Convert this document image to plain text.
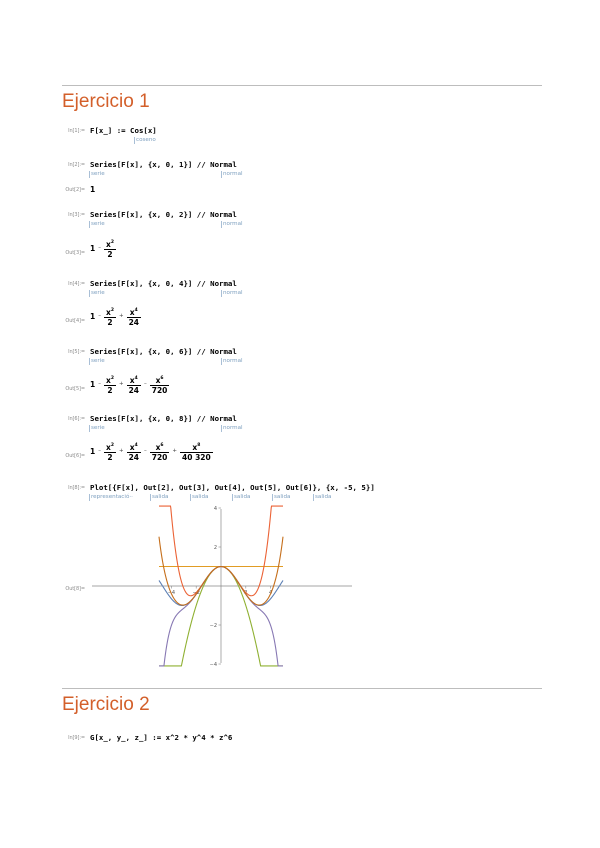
Ejercicio 1
In[1]:= F[x_] := Cos[x]
coseno
In[2]:= Series[F[x], {x, 0, 1}] // Normal
serie	normal
Out[2]= 1
In[3]:= Series[F[x], {x, 0, 2}] // Normal
serie	normal
Out[3]=
$1 - \frac{x^2}{2}$
In[4]:= Series[F[x], {x, 0, 4}] // Normal
serie	normal
Out[4]=
$1 - \frac{x^2}{2} + \frac{x^4}{24}$
In[5]:= Series[F[x], {x, 0, 6}] // Normal
serie	normal
Out[5]=
$1 - \frac{x^2}{2} + \frac{x^4}{24} - \frac{x^6}{720}$
In[6]:= Series[F[x], {x, 0, 8}] // Normal
serie	normal
Out[6]=
$1 - \frac{x^2}{2} + \frac{x^4}{24} - \frac{x^6}{720} + \frac{x^8}{40 320}$
In[8]:= Plot[{F[x], Out[2], Out[3], Out[4], Out[5], Out[6]}, {x, -5, 5}]
representació··	salida	salida	salida	salida	salida
Out[8]=
−4	−2	2	4
−4
−2
2
4
Ejercicio 2
In[9]:= G[x_, y_, z_] := x^2 * y^4 * z^6
